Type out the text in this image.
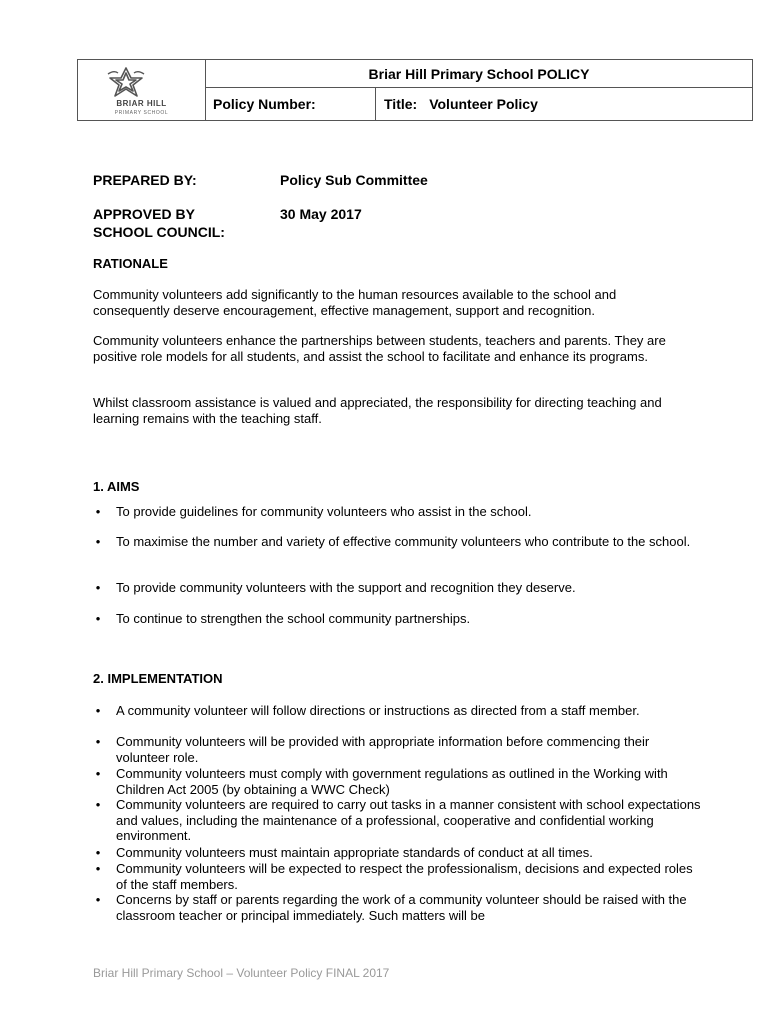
BRIAR HILL
PRIMARY SCHOOL
Briar Hill Primary School POLICY
Policy Number:	Title: Volunteer Policy
PREPARED BY:	Policy Sub Committee
APPROVED BY
SCHOOL COUNCIL:
30 May 2017
RATIONALE
Community volunteers add significantly to the human resources available to the school and consequently deserve encouragement, effective management, support and recognition.
Community volunteers enhance the partnerships between students, teachers and parents. They are positive role models for all students, and assist the school to facilitate and enhance its programs.
Whilst classroom assistance is valued and appreciated, the responsibility for directing teaching and learning remains with the teaching staff.
1. AIMS
• To provide guidelines for community volunteers who assist in the school.
• To maximise the number and variety of effective community volunteers who contribute to the school.
• To provide community volunteers with the support and recognition they deserve.
• To continue to strengthen the school community partnerships.
2. IMPLEMENTATION
• A community volunteer will follow directions or instructions as directed from a staff member.
• Community volunteers will be provided with appropriate information before commencing their volunteer role.
• Community volunteers must comply with government regulations as outlined in the Working with Children Act 2005 (by obtaining a WWC Check)
• Community volunteers are required to carry out tasks in a manner consistent with school expectations and values, including the maintenance of a professional, cooperative and confidential working environment.
• Community volunteers must maintain appropriate standards of conduct at all times.
• Community volunteers will be expected to respect the professionalism, decisions and expected roles of the staff members.
• Concerns by staff or parents regarding the work of a community volunteer should be raised with the classroom teacher or principal immediately. Such matters will be
Briar Hill Primary School – Volunteer Policy FINAL 2017
